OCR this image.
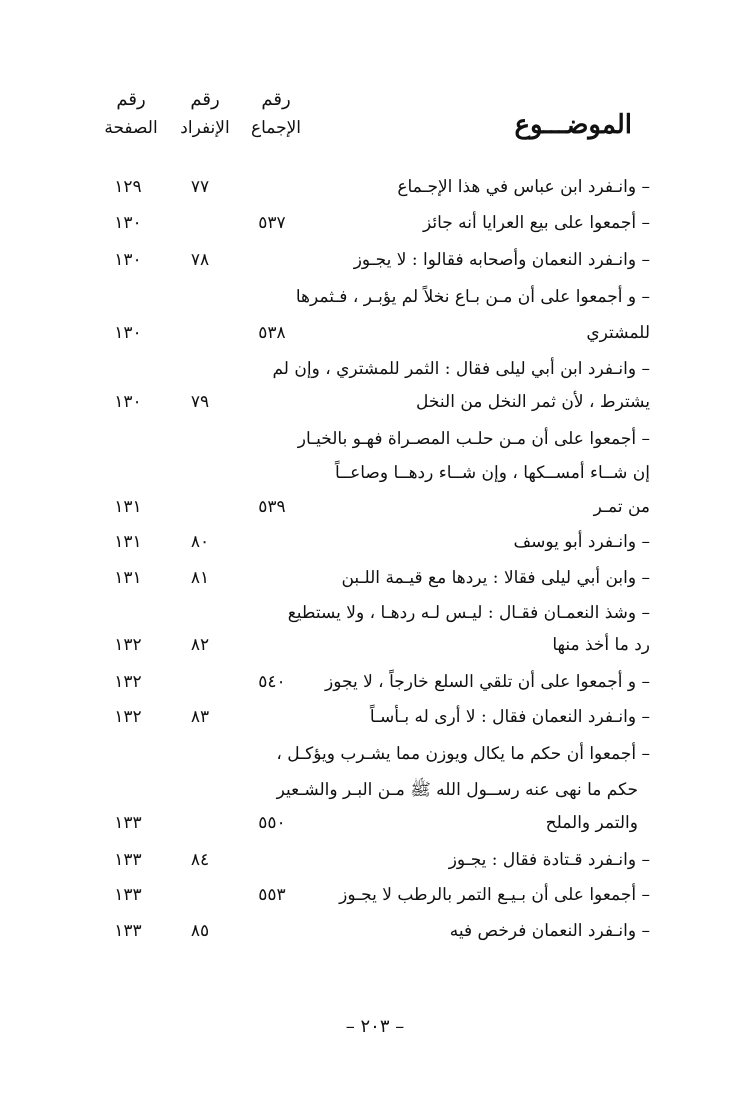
رقم
الإجماع
رقم
الإنفراد
رقم
الصفحة	الموضـــوع
– وانـفرد ابن عباس في هذا الإجـماع
٧٧
١٢٩
– أجمعوا على بيع العرايا أنه جائز
٥٣٧
١٣٠
– وانـفرد النعمان وأصحابه فقالوا : لا يجـوز
٧٨
١٣٠
– و أجمعوا على أن مـن بـاع نخلاً لم يؤبـر ، فـثمرها
للمشتري
٥٣٨
١٣٠
– وانـفرد ابن أبي ليلى فقال : الثمر للمشتري ، وإن لم
يشترط ، لأن ثمر النخل من النخل
٧٩
١٣٠
– أجمعوا على أن مـن حلـب المصـراة فهـو بالخيـار
إن شــاء أمســكها ، وإن شــاء ردهــا وصاعــاً
من تمـر
٥٣٩
١٣١
– وانـفرد أبو يوسف
٨٠
١٣١
– وابن أبي ليلى فقالا : يردها مع قيـمة اللـبن
٨١
١٣١
– وشذ النعمـان فقـال : ليـس لـه ردهـا ، ولا يستطيع
رد ما أخذ منها
٨٢
١٣٢
– و أجمعوا على أن تلقي السلع خارجاً ، لا يجوز
٥٤٠
١٣٢
– وانـفرد النعمان فقال : لا أرى له بـأسـاً
٨٣
١٣٢
– أجمعوا أن حكم ما يكال ويوزن مما يشـرب ويؤكـل ،
حكم ما نهى عنه رســول الله ﷺ مـن البـر والشـعير
والتمر والملح
٥٥٠
١٣٣
– وانـفرد قـتادة فقال : يجـوز
٨٤
١٣٣
– أجمعوا على أن بـيـع التمر بالرطب لا يجـوز
٥٥٣
١٣٣
– وانـفرد النعمان فرخص فيه
٨٥
١٣٣
– ٢٠٣ –
